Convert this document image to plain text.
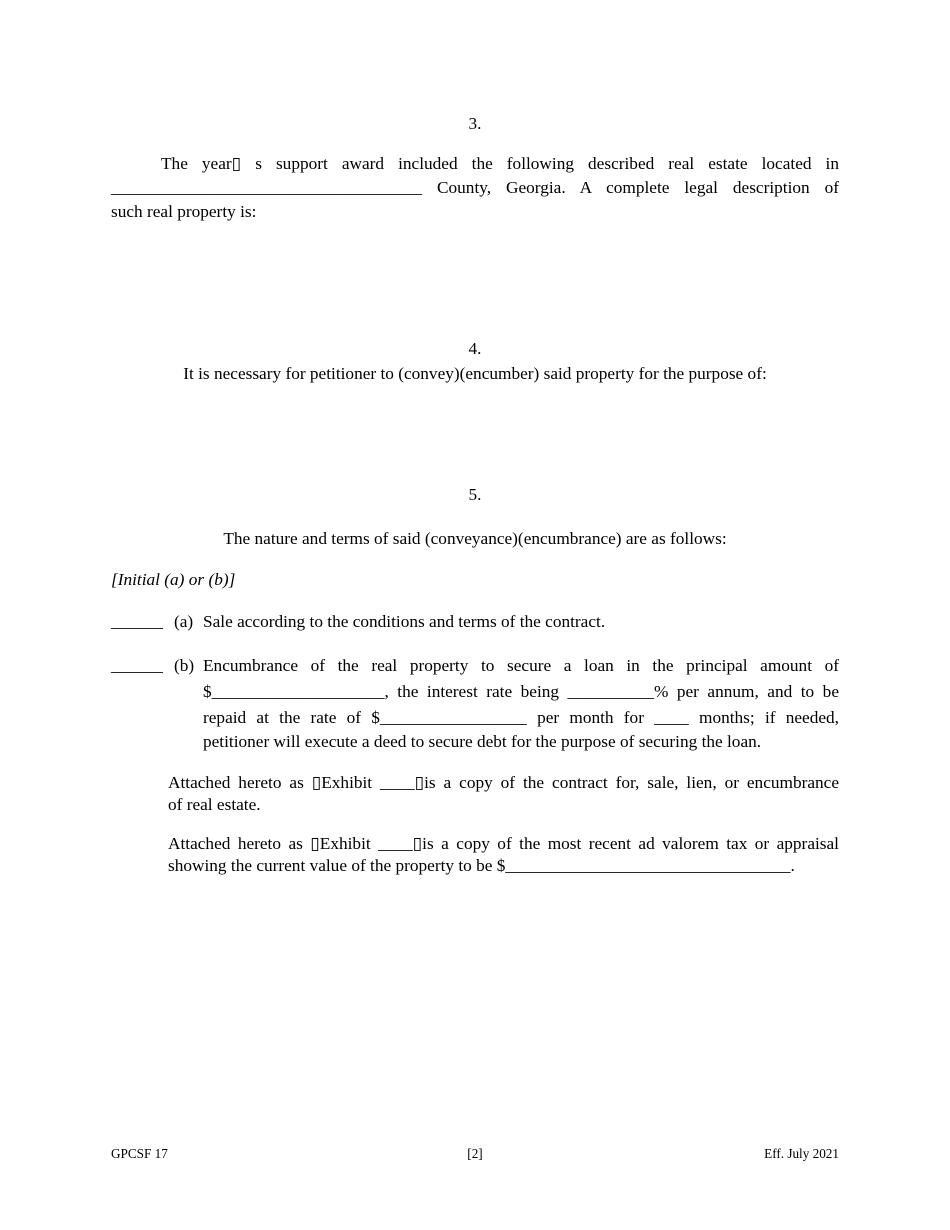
3.
The year▯ s support award included the following described real estate located in
____________________________________ County, Georgia. A complete legal description of
such real property is:
4.
It is necessary for petitioner to (convey)(encumber) said property for the purpose of:
5.
The nature and terms of said (conveyance)(encumbrance) are as follows:
[Initial (a) or (b)]
______ (a) Sale according to the conditions and terms of the contract.
______ (b) Encumbrance of the real property to secure a loan in the principal amount of
$____________________, the interest rate being __________% per annum, and to be
repaid at the rate of $_________________ per month for ____ months; if needed,
petitioner will execute a deed to secure debt for the purpose of securing the loan.
Attached hereto as ▯Exhibit ____▯is a copy of the contract for, sale, lien, or encumbrance
of real estate.
Attached hereto as ▯Exhibit ____▯is a copy of the most recent ad valorem tax or appraisal
showing the current value of the property to be $_________________________________.
GPCSF 17	[2]	Eff. July 2021
